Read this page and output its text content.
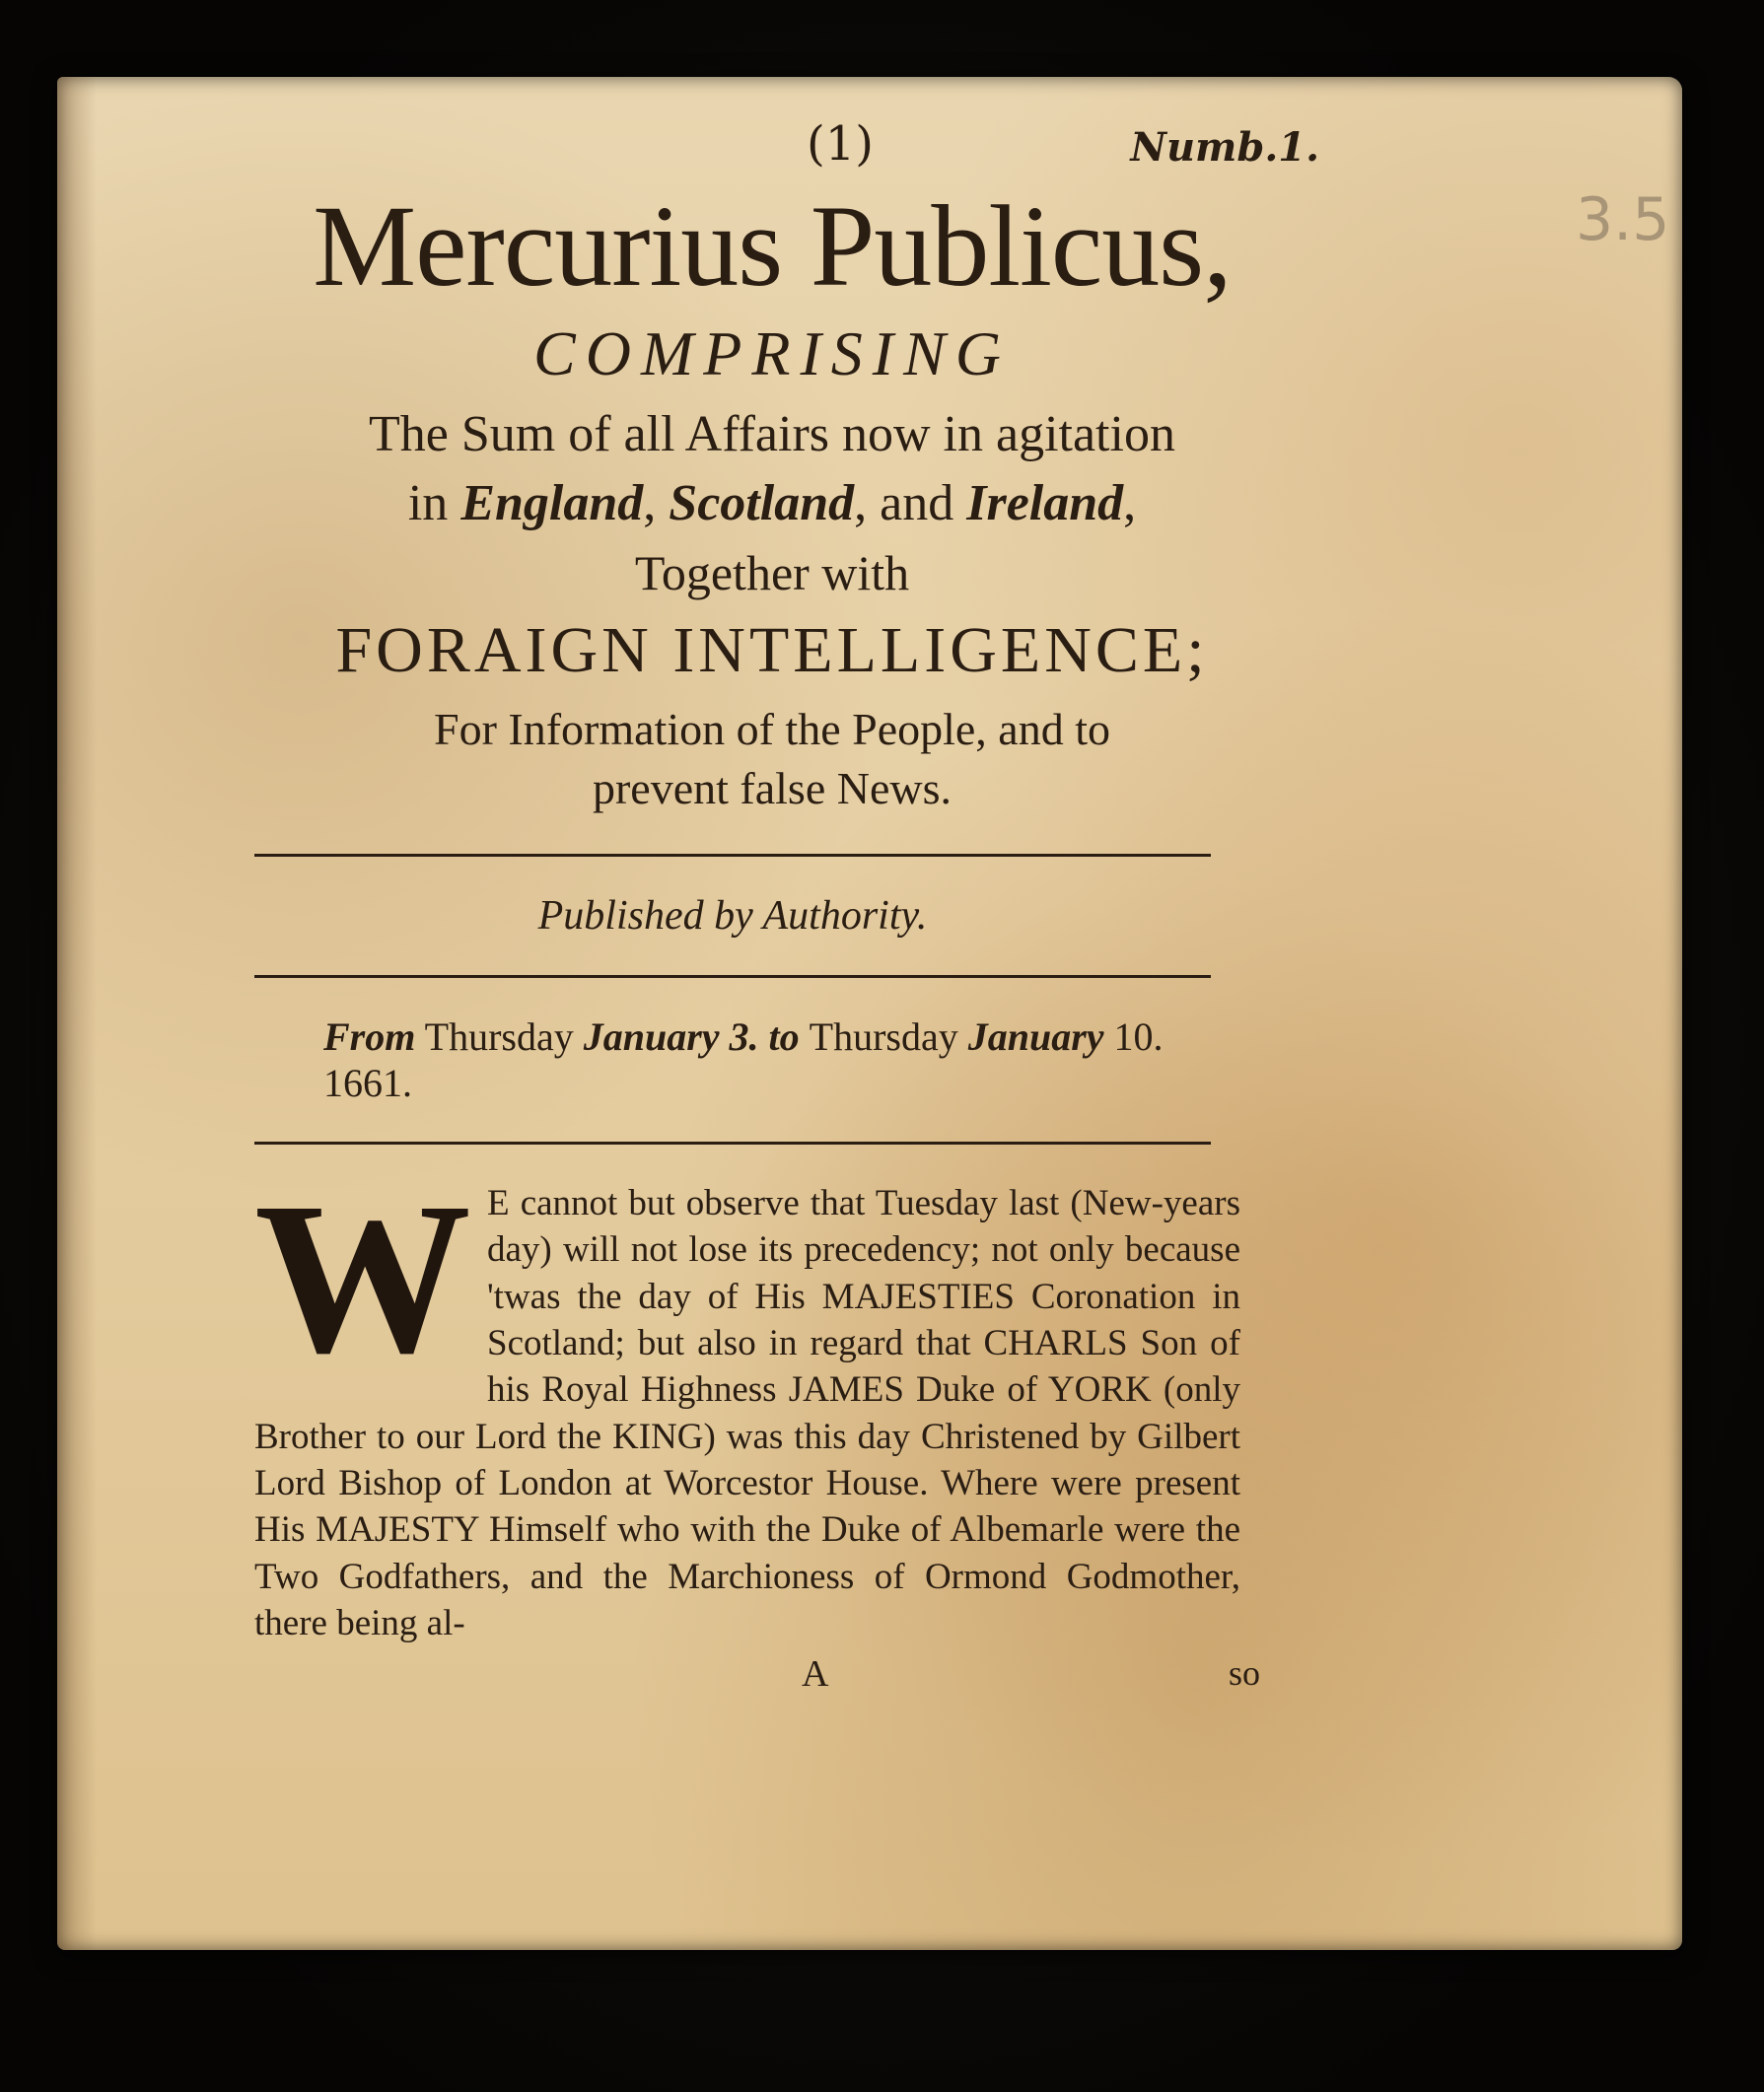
3.5
(1)	Numb.1.
Mercurius Publicus,
COMPRISING
The Sum of all Affairs now in agitation
in England, Scotland, and Ireland,
Together with
FORAIGN INTELLIGENCE;
For Information of the People, and to
prevent false News.
Published by Authority.
From Thursday January 3. to Thursday January 10. 1661.
W E cannot but observe that Tuesday last (New-years day) will not lose its precedency; not only because 'twas the day of His MAJESTIES Coronation in Scotland; but also in regard that CHARLS Son of his Royal Highness JAMES Duke of YORK (only Brother to our Lord the KING) was this day Christened by Gilbert Lord Bishop of London at Worcestor House. Where were present His MAJESTY Himself who with the Duke of Albemarle were the Two Godfathers, and the Marchioness of Ormond Godmother, there being al-

A	so
